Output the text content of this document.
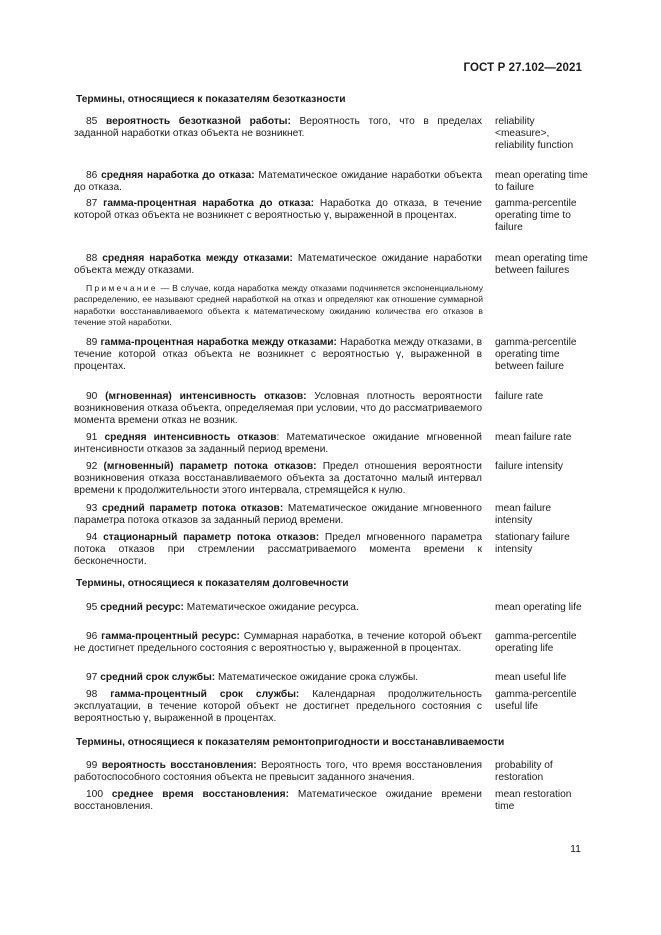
ГОСТ Р 27.102—2021
Термины, относящиеся к показателям безотказности
85 вероятность безотказной работы: Вероятность того, что в пределах заданной наработки отказ объекта не возникнет.
reliability <measure>, reliability function
86 средняя наработка до отказа: Математическое ожидание наработки объекта до отказа.
mean operating time to failure
87 гамма-процентная наработка до отказа: Наработка до отказа, в течение которой отказ объекта не возникнет с вероятностью γ, выраженной в процентах.
gamma-percentile operating time to failure
88 средняя наработка между отказами: Математическое ожидание наработки объекта между отказами.
mean operating time between failures
Примечание — В случае, когда наработка между отказами подчиняется экспоненциальному распределению, ее называют средней наработкой на отказ и определяют как отношение суммарной наработки восстанавливаемого объекта к математическому ожиданию количества его отказов в течение этой наработки.
89 гамма-процентная наработка между отказами: Наработка между отказами, в течение которой отказ объекта не возникнет с вероятностью γ, выраженной в процентах.
gamma-percentile operating time between failure
90 (мгновенная) интенсивность отказов: Условная плотность вероятности возникновения отказа объекта, определяемая при условии, что до рассматриваемого момента времени отказ не возник.
failure rate
91 средняя интенсивность отказов: Математическое ожидание мгновенной интенсивности отказов за заданный период времени.
mean failure rate
92 (мгновенный) параметр потока отказов: Предел отношения вероятности возникновения отказа восстанавливаемого объекта за достаточно малый интервал времени к продолжительности этого интервала, стремящейся к нулю.
failure intensity
93 средний параметр потока отказов: Математическое ожидание мгновенного параметра потока отказов за заданный период времени.
mean failure intensity
94 стационарный параметр потока отказов: Предел мгновенного параметра потока отказов при стремлении рассматриваемого момента времени к бесконечности.
stationary failure intensity
Термины, относящиеся к показателям долговечности
95 средний ресурс: Математическое ожидание ресурса.	mean operating life
96 гамма-процентный ресурс: Суммарная наработка, в течение которой объект не достигнет предельного состояния с вероятностью γ, выраженной в процентах.
gamma-percentile operating life
97 средний срок службы: Математическое ожидание срока службы.	mean useful life
98 гамма-процентный срок службы: Календарная продолжительность эксплуатации, в течение которой объект не достигнет предельного состояния с вероятностью γ, выраженной в процентах.
gamma-percentile useful life
Термины, относящиеся к показателям ремонтопригодности и восстанавливаемости
99 вероятность восстановления: Вероятность того, что время восстановления работоспособного состояния объекта не превысит заданного значения.
probability of restoration
100 среднее время восстановления: Математическое ожидание времени восстановления.
mean restoration time
11
